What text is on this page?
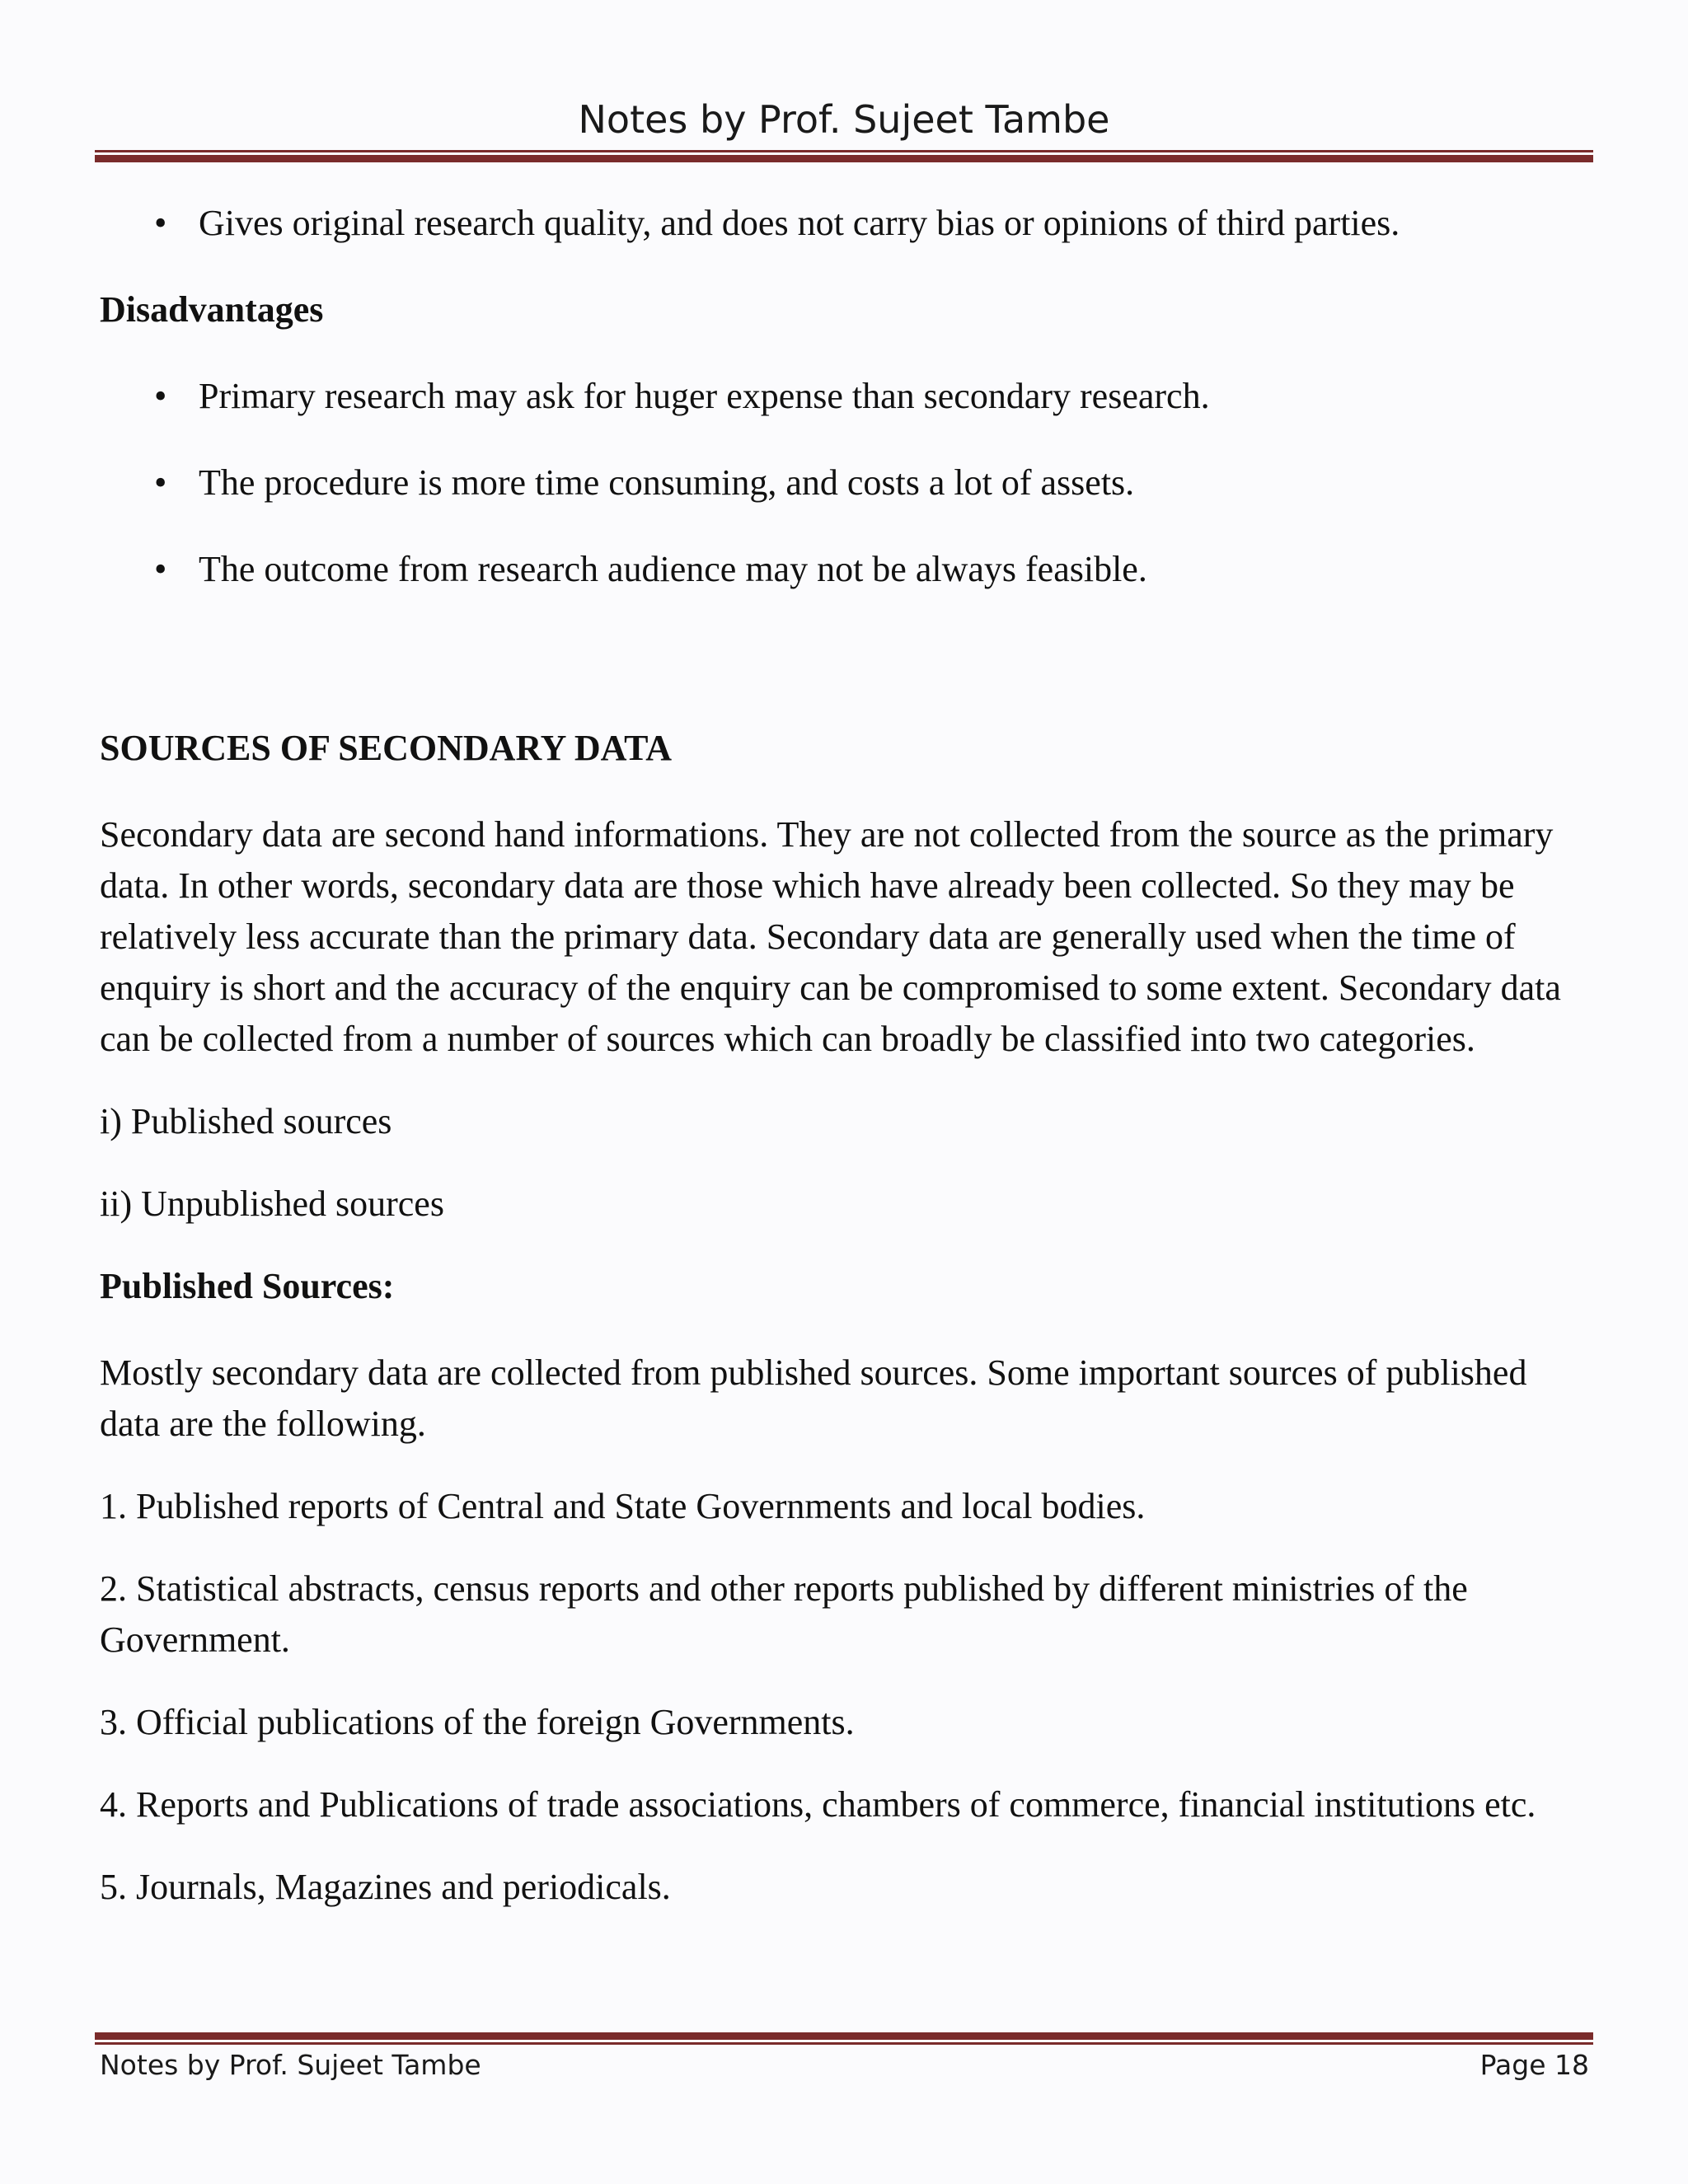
Notes by Prof. Sujeet Tambe
• Gives original research quality, and does not carry bias or opinions of third parties.
Disadvantages
• Primary research may ask for huger expense than secondary research.
• The procedure is more time consuming, and costs a lot of assets.
• The outcome from research audience may not be always feasible.
SOURCES OF SECONDARY DATA
Secondary data are second hand informations. They are not collected from the source as the primary data. In other words, secondary data are those which have already been collected. So they may be relatively less accurate than the primary data. Secondary data are generally used when the time of enquiry is short and the accuracy of the enquiry can be compromised to some extent. Secondary data can be collected from a number of sources which can broadly be classified into two categories.
i) Published sources
ii) Unpublished sources
Published Sources:
Mostly secondary data are collected from published sources. Some important sources of published data are the following.
1. Published reports of Central and State Governments and local bodies.
2. Statistical abstracts, census reports and other reports published by different ministries of the Government.
3. Official publications of the foreign Governments.
4. Reports and Publications of trade associations, chambers of commerce, financial institutions etc.
5. Journals, Magazines and periodicals.
Notes by Prof. Sujeet Tambe	Page 18
